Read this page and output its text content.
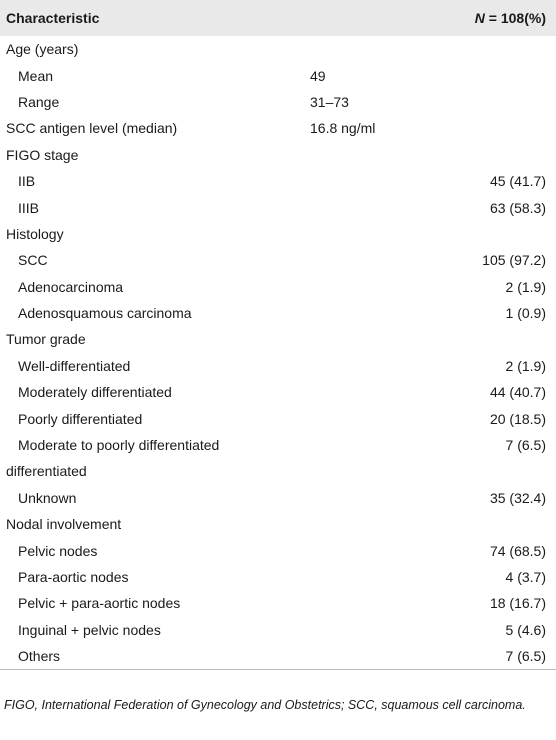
Characteristic		N = 108(%)
Age (years)		
Mean	49	
Range	31–73	
SCC antigen level (median)	16.8 ng/ml	
FIGO stage		
IIB		45 (41.7)
IIIB		63 (58.3)
Histology		
SCC		105 (97.2)
Adenocarcinoma		2 (1.9)
Adenosquamous carcinoma		1 (0.9)
Tumor grade		
Well-differentiated		2 (1.9)
Moderately differentiated		44 (40.7)
Poorly differentiated		20 (18.5)
Moderate to poorly differentiated		7 (6.5)
differentiated		
Unknown		35 (32.4)
Nodal involvement		
Pelvic nodes		74 (68.5)
Para-aortic nodes		4 (3.7)
Pelvic + para-aortic nodes		18 (16.7)
Inguinal + pelvic nodes		5 (4.6)
Others		7 (6.5)
FIGO, International Federation of Gynecology and Obstetrics; SCC, squamous cell carcinoma.
